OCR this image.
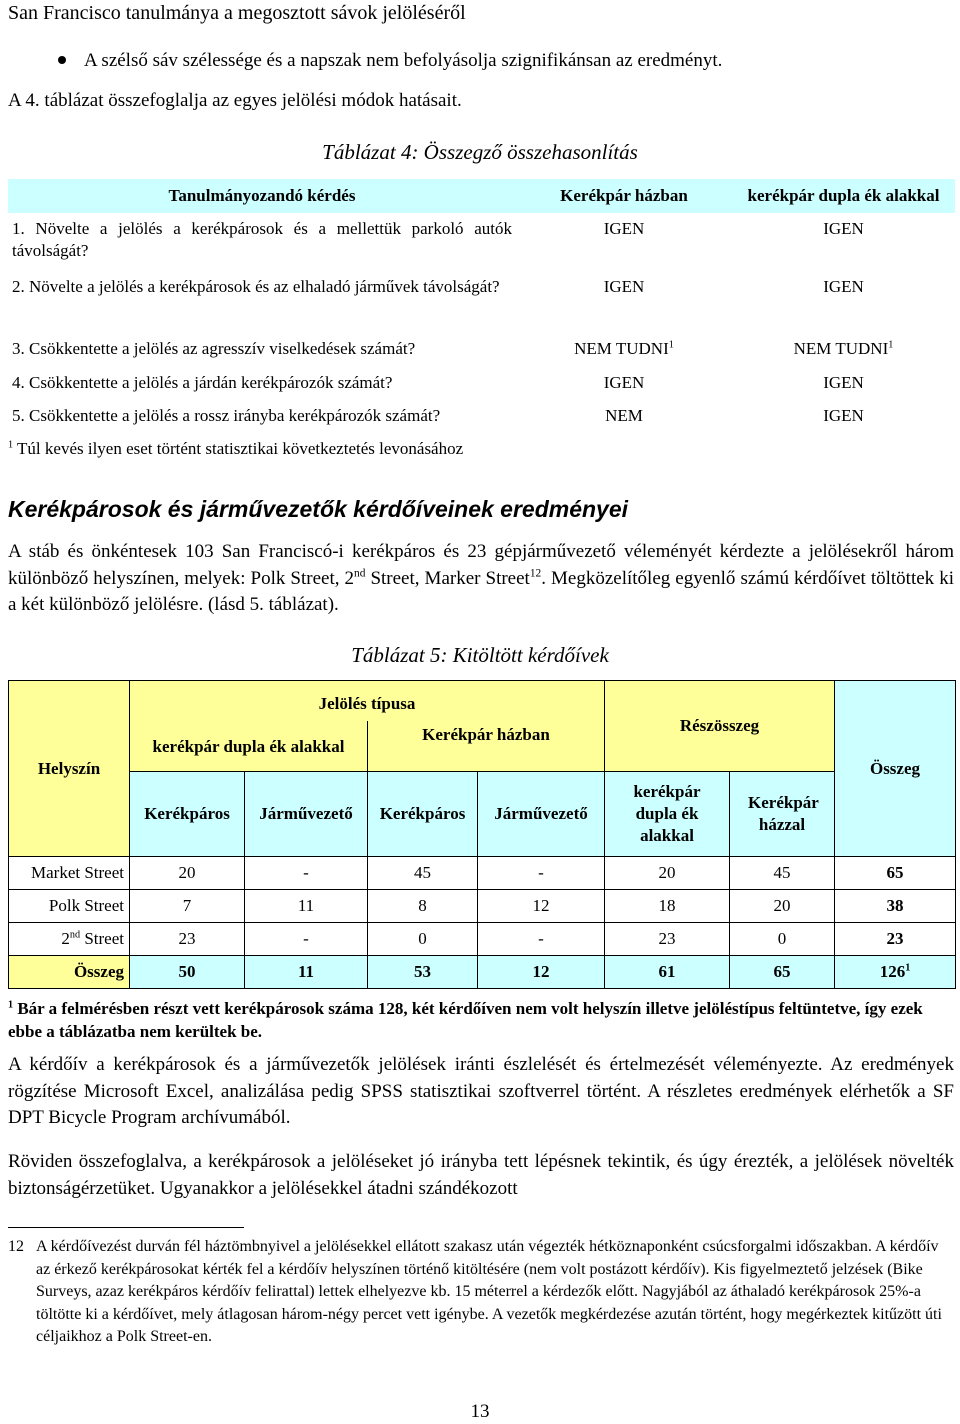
San Francisco tanulmánya a megosztott sávok jelöléséről
A szélső sáv szélessége és a napszak nem befolyásolja szignifikánsan az eredményt.
A 4. táblázat összefoglalja az egyes jelölési módok hatásait.
Táblázat 4: Összegző összehasonlítás
Tanulmányozandó kérdés	Kerékpár házban	kerékpár dupla ék alakkal
1. Növelte a jelölés a kerékpárosok és a mellettük parkoló autók távolságát?	IGEN	IGEN
2. Növelte a jelölés a kerékpárosok és az elhaladó járművek távolságát?	IGEN	IGEN
3. Csökkentette a jelölés az agresszív viselkedések számát?	NEM TUDNI$^1$	NEM TUDNI$^1$
4. Csökkentette a jelölés a járdán kerékpározók számát?	IGEN	IGEN
5. Csökkentette a jelölés a rossz irányba kerékpározók számát?	NEM	IGEN
$^1$ Túl kevés ilyen eset történt statisztikai következtetés levonásához
Kerékpárosok és járművezetők kérdőíveinek eredményei
A stáb és önkéntesek 103 San Franciscó-i kerékpáros és 23 gépjárművezető véleményét kérdezte a jelölésekről három különböző helyszínen, melyek: Polk Street, 2nd Street, Marker Street$^{12}$. Megközelítőleg egyenlő számú kérdőívet töltöttek ki a két különböző jelölésre. (lásd 5. táblázat).
Táblázat 5: Kitöltött kérdőívek
Helyszín	Jelölés típusa				Részösszeg		Összeg
	kerékpár dupla ék alakkal		Kerékpár házban				
	Kerékpáros	Járművezető	Kerékpáros	Járművezető	kerékpár dupla ék alakkal	Kerékpár házzal	
Market Street	20	-	45	-	20	45	65
Polk Street	7	11	8	12	18	20	38
2nd Street	23	-	0	-	23	0	23
Összeg	50	11	53	12	61	65	$126^1$
$^1$ Bár a felmérésben részt vett kerékpárosok száma 128, két kérdőíven nem volt helyszín illetve jelöléstípus feltüntetve, így ezek ebbe a táblázatba nem kerültek be.
A kérdőív a kerékpárosok és a járművezetők jelölések iránti észlelését és értelmezését véleményezte. Az eredmények rögzítése Microsoft Excel, analizálása pedig SPSS statisztikai szoftverrel történt. A részletes eredmények elérhetők a SF DPT Bicycle Program archívumából.
Röviden összefoglalva, a kerékpárosok a jelöléseket jó irányba tett lépésnek tekintik, és úgy érezték, a jelölések növelték biztonságérzetüket. Ugyanakkor a jelölésekkel átadni szándékozott
12 A kérdőívezést durván fél háztömbnyivel a jelölésekkel ellátott szakasz után végezték hétköznaponként csúcsforgalmi időszakban. A kérdőív az érkező kerékpárosokat kérték fel a kérdőív helyszínen történő kitöltésére (nem volt postázott kérdőív). Kis figyelmeztető jelzések (Bike Surveys, azaz kerékpáros kérdőív felirattal) lettek elhelyezve kb. 15 méterrel a kérdezők előtt. Nagyjából az áthaladó kerékpárosok 25%-a töltötte ki a kérdőívet, mely átlagosan három-négy percet vett igénybe. A vezetők megkérdezése azután történt, hogy megérkeztek kitűzött úti céljaikhoz a Polk Street-en.
13
